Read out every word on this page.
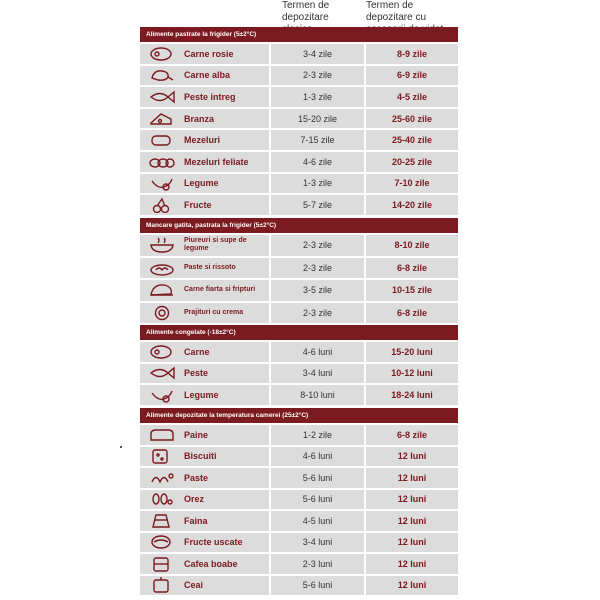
Termen de depozitare
Termen de depozitare cu
Alimente pastrate la frigider (5±2°C)
Carne rosie	3-4 zile	8-9 zile
Carne alba	2-3 zile	6-9 zile
Peste intreg	1-3 zile	4-5 zile
Branza	15-20 zile	25-60 zile
Mezeluri	7-15 zile	25-40 zile
Mezeluri feliate	4-6 zile	20-25 zile
Legume	1-3 zile	7-10 zile
Fructe	5-7 zile	14-20 zile
Mancare gatita, pastrata la frigider (5±2°C)
Piureuri si supe de legume	2-3 zile	8-10 zile
Paste si rissoto	2-3 zile	6-8 zile
Carne fiarta si fripturi	3-5 zile	10-15 zile
Prajituri cu crema	2-3 zile	6-8 zile
Alimente congelate (-18±2°C)
Carne	4-6 luni	15-20 luni
Peste	3-4 luni	10-12 luni
Legume	8-10 luni	18-24 luni
Alimente depozitate la temperatura camerei (25±2°C)
Paine	1-2 zile	6-8 zile
Biscuiti	4-6 luni	12 luni
Paste	5-6 luni	12 luni
Orez	5-6 luni	12 luni
Faina	4-5 luni	12 luni
Fructe uscate	3-4 luni	12 luni
Cafea boabe	2-3 luni	12 luni
Ceai	5-6 luni	12 luni
